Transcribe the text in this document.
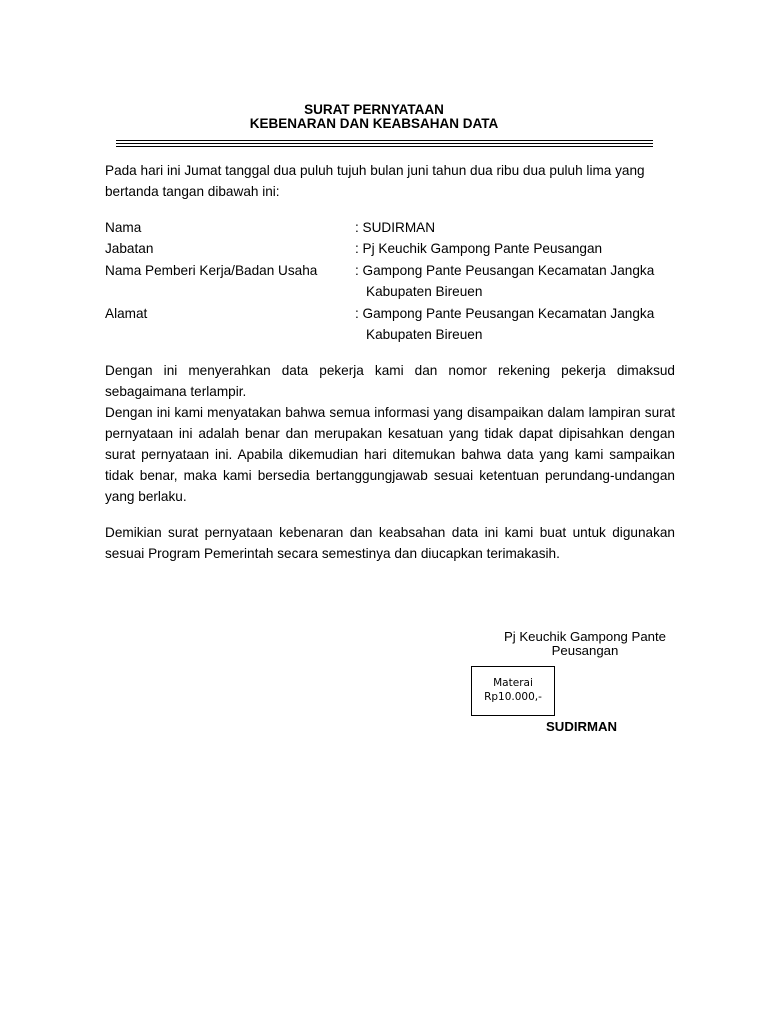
SURAT PERNYATAAN
KEBENARAN DAN KEABSAHAN DATA

Pada hari ini Jumat tanggal dua puluh tujuh bulan juni tahun dua ribu dua puluh lima yang bertanda tangan dibawah ini:

Nama	: SUDIRMAN
Jabatan	: Pj Keuchik Gampong Pante Peusangan
Nama Pemberi Kerja/Badan Usaha	: Gampong Pante Peusangan Kecamatan Jangka
Kabupaten Bireuen
Alamat	: Gampong Pante Peusangan Kecamatan Jangka
Kabupaten Bireuen
Dengan ini menyerahkan data pekerja kami dan nomor rekening pekerja dimaksud sebagaimana terlampir.
Dengan ini kami menyatakan bahwa semua informasi yang disampaikan dalam lampiran surat pernyataan ini adalah benar dan merupakan kesatuan yang tidak dapat dipisahkan dengan surat pernyataan ini. Apabila dikemudian hari ditemukan bahwa data yang kami sampaikan tidak benar, maka kami bersedia bertanggungjawab sesuai ketentuan perundang-undangan yang berlaku.

Demikian surat pernyataan kebenaran dan keabsahan data ini kami buat untuk digunakan sesuai Program Pemerintah secara semestinya dan diucapkan terimakasih.

Pj Keuchik Gampong Pante
Peusangan
Materai
Rp10.000,-
SUDIRMAN
